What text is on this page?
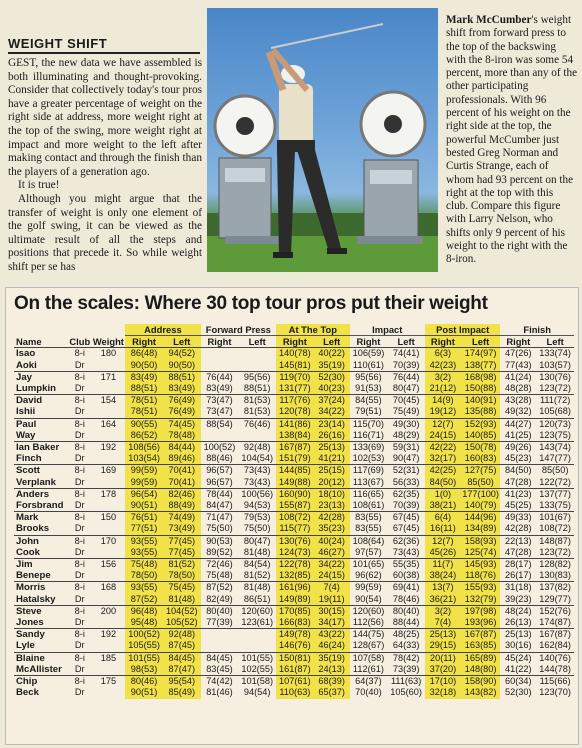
WEIGHT SHIFT

GEST, the new data we have assembled is both illuminating and thought-provoking. Consider that collectively today's tour pros have a greater percentage of weight on the right side at address, more weight right at the top of the swing, more weight right at impact and more weight to the left after making contact and through the finish than the players of a generation ago.

It is true!

Although you might argue that the transfer of weight is only one element of the golf swing, it can be viewed as the ultimate result of all the steps and positions that precede it. So while weight shift per se has

Mark McCumber's weight shift from forward press to the top of the backswing with the 8-iron was some 54 percent, more than any of the other participating professionals. With 96 percent of his weight on the right side at the top, the powerful McCumber just bested Greg Norman and Curtis Strange, each of whom had 93 percent on the right at the top with this club. Compare this figure with Larry Nelson, who shifts only 9 percent of his weight to the right with the 8-iron.
On the scales: Where 30 top tour pros put their weight
			Address		Forward Press		At The Top		Impact		Post Impact		Finish	
Name	Club	Weight	Right	Left	Right	Left	Right	Left	Right	Left	Right	Left	Right	Left
Isao	8-i	180	86(48)	94(52)			140(78)	40(22)	106(59)	74(41)	6(3)	174(97)	47(26)	133(74)
Aoki	Dr		90(50)	90(50)			145(81)	35(19)	110(61)	70(39)	42(23)	138(77)	77(43)	103(57)
Jay	8-i	171	83(49)	88(51)	76(44)	95(56)	119(70)	52(30)	95(56)	76(44)	3(2)	168(98)	41(24)	130(76)
Lumpkin	Dr		88(51)	83(49)	83(49)	88(51)	131(77)	40(23)	91(53)	80(47)	21(12)	150(88)	48(28)	123(72)
David	8-i	154	78(51)	76(49)	73(47)	81(53)	117(76)	37(24)	84(55)	70(45)	14(9)	140(91)	43(28)	111(72)
Ishii	Dr		78(51)	76(49)	73(47)	81(53)	120(78)	34(22)	79(51)	75(49)	19(12)	135(88)	49(32)	105(68)
Paul	8-i	164	90(55)	74(45)	88(54)	76(46)	141(86)	23(14)	115(70)	49(30)	12(7)	152(93)	44(27)	120(73)
Way	Dr		86(52)	78(48)			138(84)	26(16)	116(71)	48(29)	24(15)	140(85)	41(25)	123(75)
Ian Baker	8-i	192	108(56)	84(44)	100(52)	92(48)	167(87)	25(13)	133(69)	59(31)	42(22)	150(78)	49(26)	143(74)
Finch	Dr		103(54)	89(46)	88(46)	104(54)	151(79)	41(21)	102(53)	90(47)	32(17)	160(83)	45(23)	147(77)
Scott	8-i	169	99(59)	70(41)	96(57)	73(43)	144(85)	25(15)	117(69)	52(31)	42(25)	127(75)	84(50)	85(50)
Verplank	Dr		99(59)	70(41)	96(57)	73(43)	149(88)	20(12)	113(67)	56(33)	84(50)	85(50)	47(28)	122(72)
Anders	8-i	178	96(54)	82(46)	78(44)	100(56)	160(90)	18(10)	116(65)	62(35)	1(0)	177(100)	41(23)	137(77)
Forsbrand	Dr		90(51)	88(49)	84(47)	94(53)	155(87)	23(13)	108(61)	70(39)	38(21)	140(79)	45(25)	133(75)
Mark	8-i	150	76(51)	74(49)	71(47)	79(53)	108(72)	42(28)	83(55)	67(45)	6(4)	144(96)	49(33)	101(67)
Brooks	Dr		77(51)	73(49)	75(50)	75(50)	115(77)	35(23)	83(55)	67(45)	16(11)	134(89)	42(28)	108(72)
John	8-i	170	93(55)	77(45)	90(53)	80(47)	130(76)	40(24)	108(64)	62(36)	12(7)	158(93)	22(13)	148(87)
Cook	Dr		93(55)	77(45)	89(52)	81(48)	124(73)	46(27)	97(57)	73(43)	45(26)	125(74)	47(28)	123(72)
Jim	8-i	156	75(48)	81(52)	72(46)	84(54)	122(78)	34(22)	101(65)	55(35)	11(7)	145(93)	28(17)	128(82)
Benepe	Dr		78(50)	78(50)	75(48)	81(52)	132(85)	24(15)	96(62)	60(38)	38(24)	118(76)	26(17)	130(83)
Morris	8-i	168	93(55)	75(45)	87(52)	81(48)	161(96)	7(4)	99(59)	69(41)	13(7)	155(93)	31(18)	137(82)
Hatalsky	Dr		87(52)	81(48)	82(49)	86(51)	149(89)	19(11)	90(54)	78(46)	36(21)	132(79)	39(23)	129(77)
Steve	8-i	200	96(48)	104(52)	80(40)	120(60)	170(85)	30(15)	120(60)	80(40)	3(2)	197(98)	48(24)	152(76)
Jones	Dr		95(48)	105(52)	77(39)	123(61)	166(83)	34(17)	112(56)	88(44)	7(4)	193(96)	26(13)	174(87)
Sandy	8-i	192	100(52)	92(48)			149(78)	43(22)	144(75)	48(25)	25(13)	167(87)	25(13)	167(87)
Lyle	Dr		105(55)	87(45)			146(76)	46(24)	128(67)	64(33)	29(15)	163(85)	30(16)	162(84)
Blaine	8-i	185	101(55)	84(45)	84(45)	101(55)	150(81)	35(19)	107(58)	78(42)	20(11)	165(89)	45(24)	140(76)
McAllister	Dr		98(53)	87(47)	83(45)	102(55)	161(87)	24(13)	112(61)	73(39)	37(20)	148(80)	41(22)	144(78)
Chip	8-i	175	80(46)	95(54)	74(42)	101(58)	107(61)	68(39)	64(37)	111(63)	17(10)	158(90)	60(34)	115(66)
Beck	Dr		90(51)	85(49)	81(46)	94(54)	110(63)	65(37)	70(40)	105(60)	32(18)	143(82)	52(30)	123(70)
